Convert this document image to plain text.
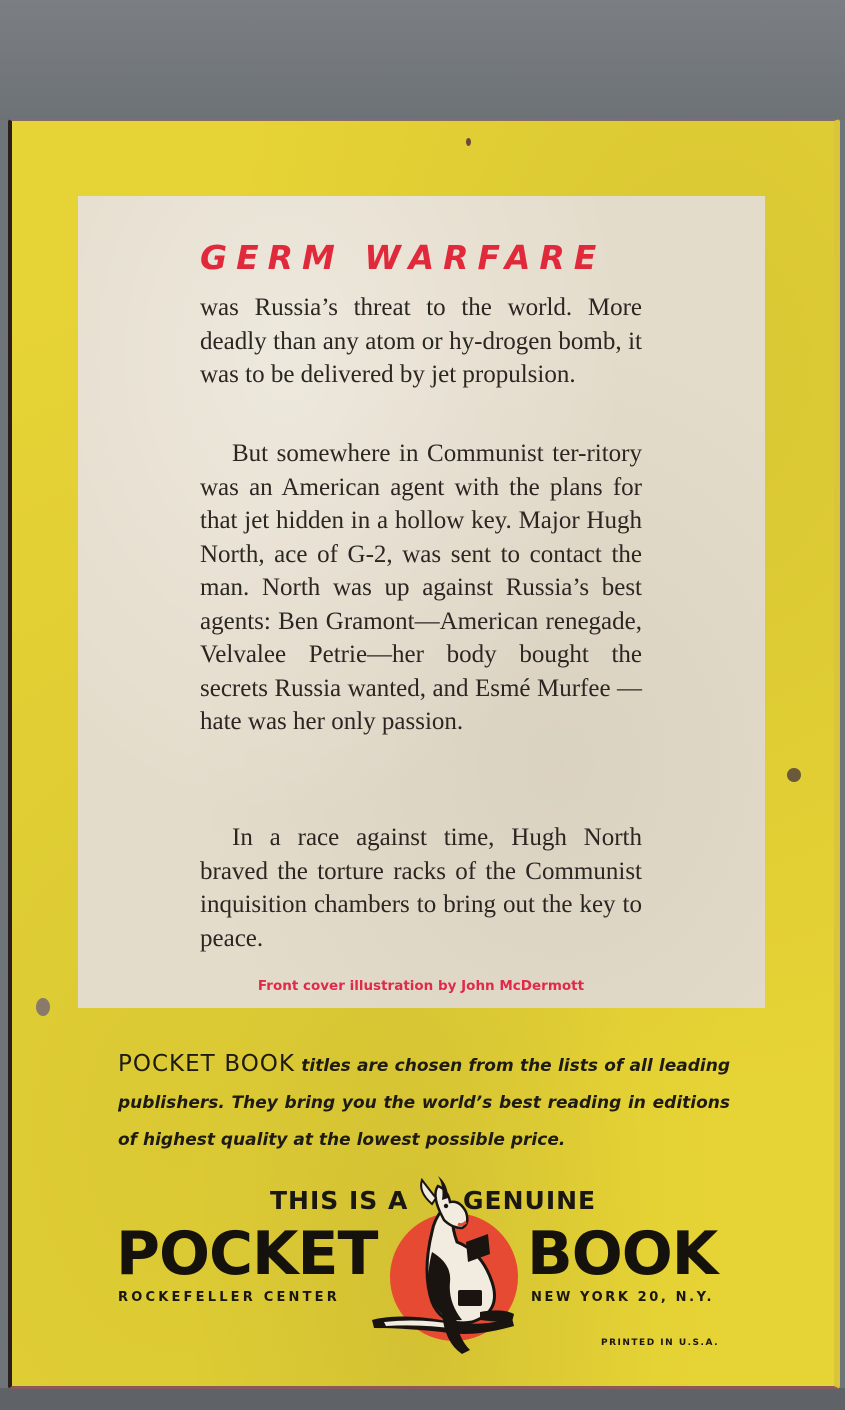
GERM WARFARE
was Russia’s threat to the world. More deadly than any atom or hy-drogen bomb, it was to be delivered by jet propulsion.
But somewhere in Communist ter-ritory was an American agent with the plans for that jet hidden in a hollow key. Major Hugh North, ace of G-2, was sent to contact the man. North was up against Russia’s best agents: Ben Gramont—American renegade, Velvalee Petrie—her body bought the secrets Russia wanted, and Esmé Murfee — hate was her only passion.
In a race against time, Hugh North braved the torture racks of the Communist inquisition chambers to bring out the key to peace.
Front cover illustration by John McDermott
POCKET BOOK titles are chosen from the lists of all leading publishers. They bring you the world’s best reading in editions of highest quality at the lowest possible price.
THIS IS A GENUINE
POCKET BOOK
ROCKEFELLER CENTER	NEW YORK 20, N.Y.
PRINTED IN U.S.A.
